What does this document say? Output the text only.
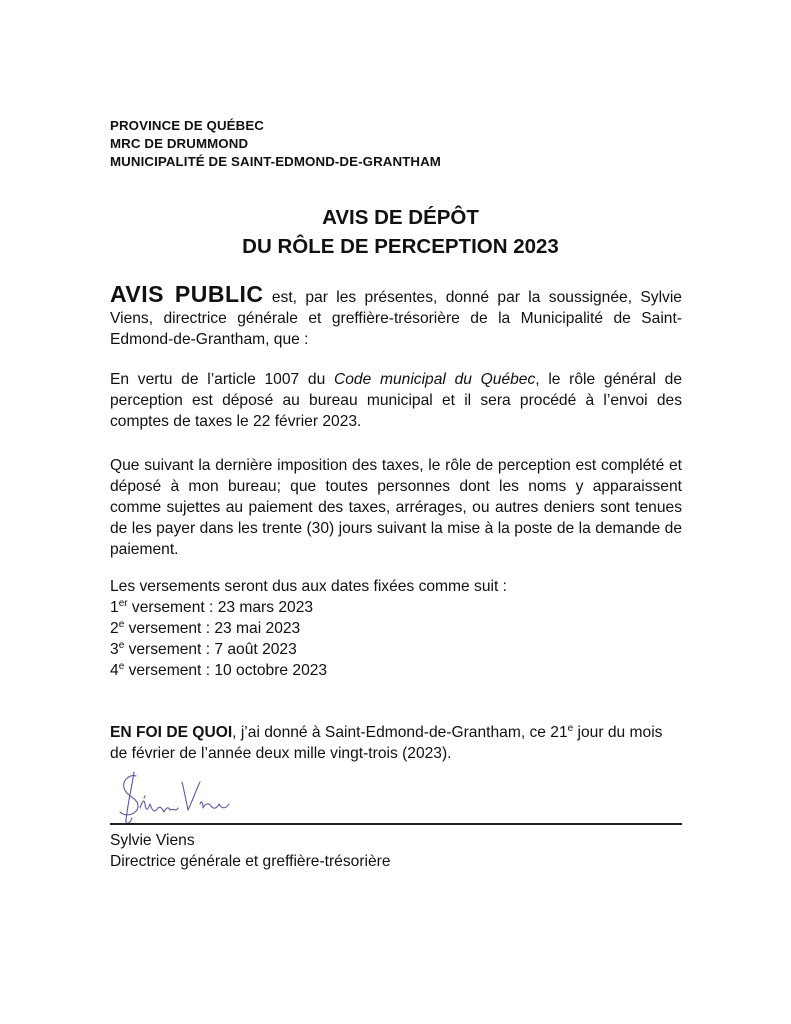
PROVINCE DE QUÉBEC
MRC DE DRUMMOND
MUNICIPALITÉ DE SAINT-EDMOND-DE-GRANTHAM
AVIS DE DÉPÔT
DU RÔLE DE PERCEPTION 2023
AVIS PUBLIC est, par les présentes, donné par la soussignée, Sylvie Viens, directrice générale et greffière-trésorière de la Municipalité de Saint-Edmond-de-Grantham, que :
En vertu de l’article 1007 du Code municipal du Québec, le rôle général de perception est déposé au bureau municipal et il sera procédé à l’envoi des comptes de taxes le 22 février 2023.
Que suivant la dernière imposition des taxes, le rôle de perception est complété et déposé à mon bureau; que toutes personnes dont les noms y apparaissent comme sujettes au paiement des taxes, arrérages, ou autres deniers sont tenues de les payer dans les trente (30) jours suivant la mise à la poste de la demande de paiement.
Les versements seront dus aux dates fixées comme suit :
1er versement : 23 mars 2023
2e versement : 23 mai 2023
3e versement : 7 août 2023
4e versement : 10 octobre 2023
EN FOI DE QUOI, j’ai donné à Saint-Edmond-de-Grantham, ce 21e jour du mois de février de l’année deux mille vingt-trois (2023).
Sylvie Viens
Directrice générale et greffière-trésorière
